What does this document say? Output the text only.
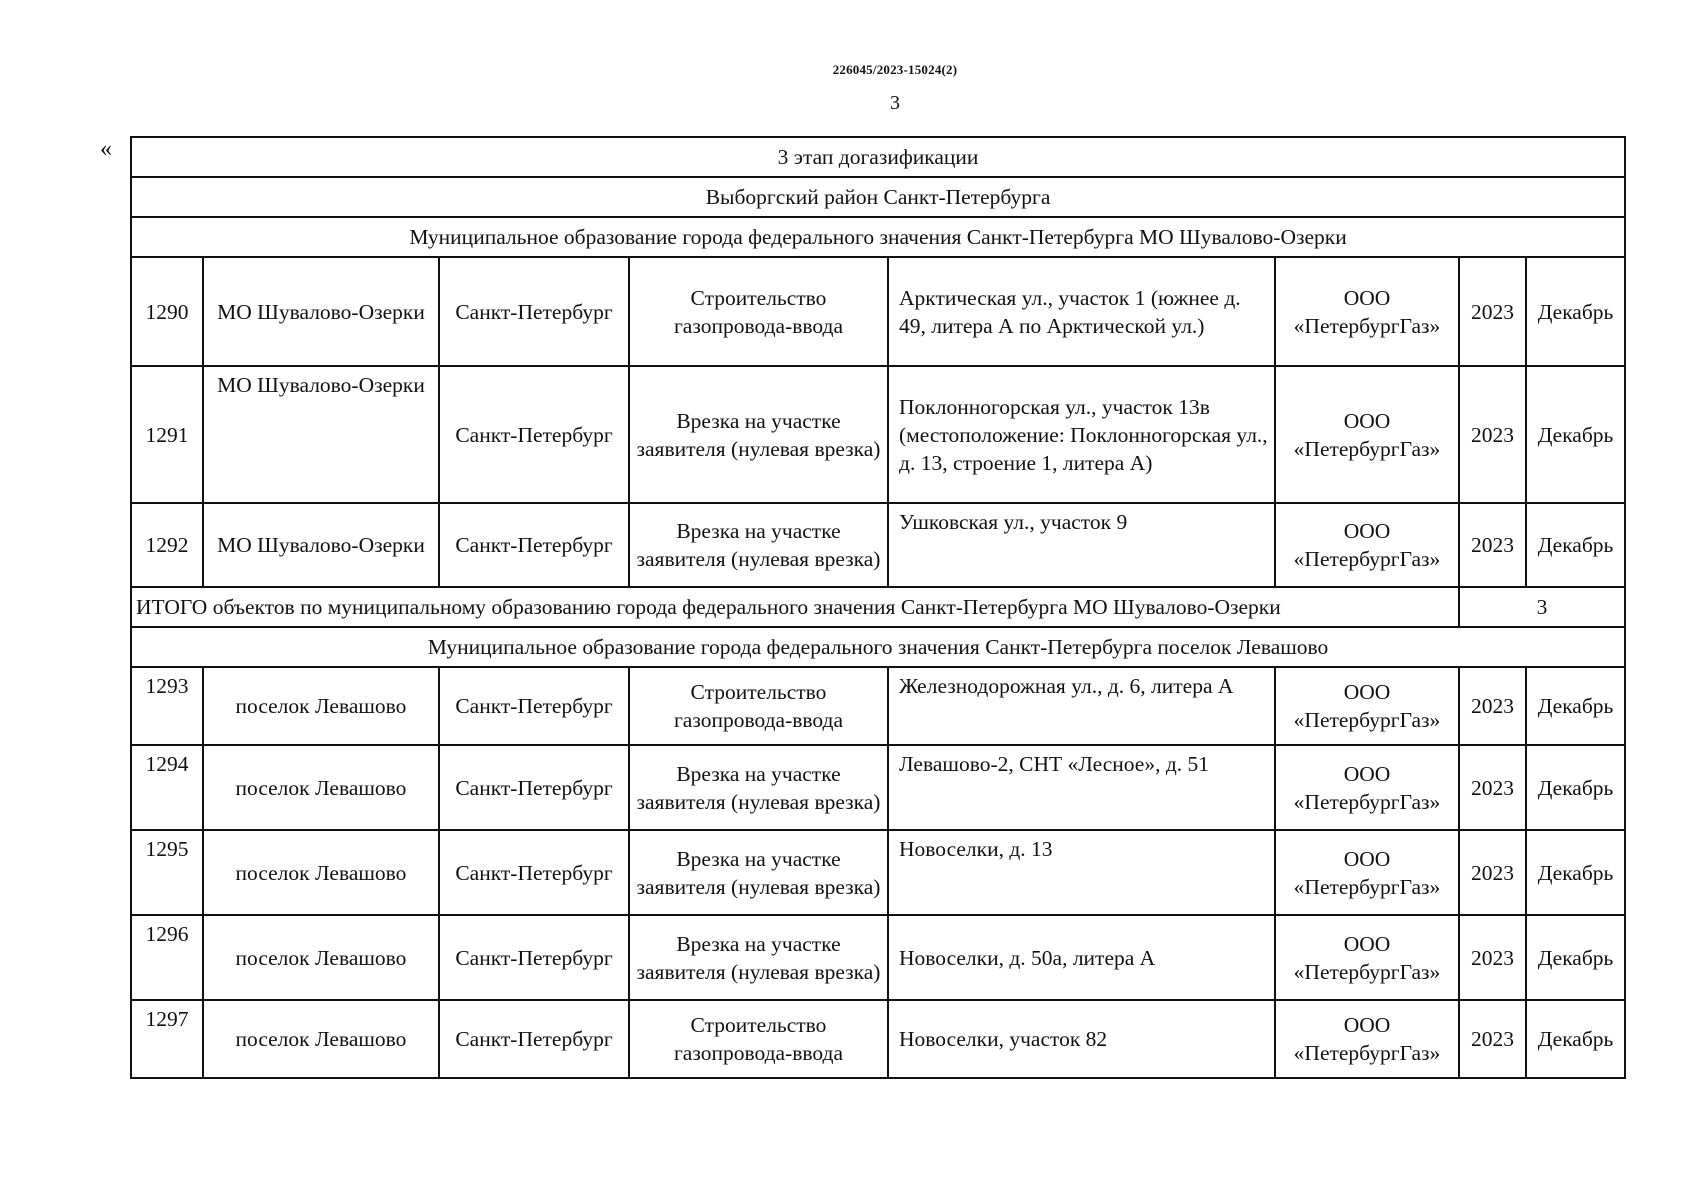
226045/2023-15024(2)
3
«	3 этап догазификации							
Выборгский район Санкт-Петербурга							
Муниципальное образование города федерального значения Санкт-Петербурга МО Шувалово-Озерки							
1290	МО Шувалово-Озерки	Санкт-Петербург	Строительство газопровода-ввода	Арктическая ул., участок 1 (южнее д. 49, литера А по Арктической ул.)	ООО «ПетербургГаз»	2023	Декабрь
1291	МО Шувалово-Озерки	Санкт-Петербург	Врезка на участке заявителя (нулевая врезка)	Поклонногорская ул., участок 13в (местоположение: Поклонногорская ул., д. 13, строение 1, литера А)	ООО «ПетербургГаз»	2023	Декабрь
1292	МО Шувалово-Озерки	Санкт-Петербург	Врезка на участке заявителя (нулевая врезка)	Ушковская ул., участок 9	ООО «ПетербургГаз»	2023	Декабрь
ИТОГО объектов по муниципальному образованию города федерального значения Санкт-Петербурга МО Шувалово-Озерки						3	
Муниципальное образование города федерального значения Санкт-Петербурга поселок Левашово							
1293	поселок Левашово	Санкт-Петербург	Строительство газопровода-ввода	Железнодорожная ул., д. 6, литера А	ООО «ПетербургГаз»	2023	Декабрь
1294	поселок Левашово	Санкт-Петербург	Врезка на участке заявителя (нулевая врезка)	Левашово-2, СНТ «Лесное», д. 51	ООО «ПетербургГаз»	2023	Декабрь
1295	поселок Левашово	Санкт-Петербург	Врезка на участке заявителя (нулевая врезка)	Новоселки, д. 13	ООО «ПетербургГаз»	2023	Декабрь
1296	поселок Левашово	Санкт-Петербург	Врезка на участке заявителя (нулевая врезка)	Новоселки, д. 50а, литера А	ООО «ПетербургГаз»	2023	Декабрь
1297	поселок Левашово	Санкт-Петербург	Строительство газопровода-ввода	Новоселки, участок 82	ООО «ПетербургГаз»	2023	Декабрь
